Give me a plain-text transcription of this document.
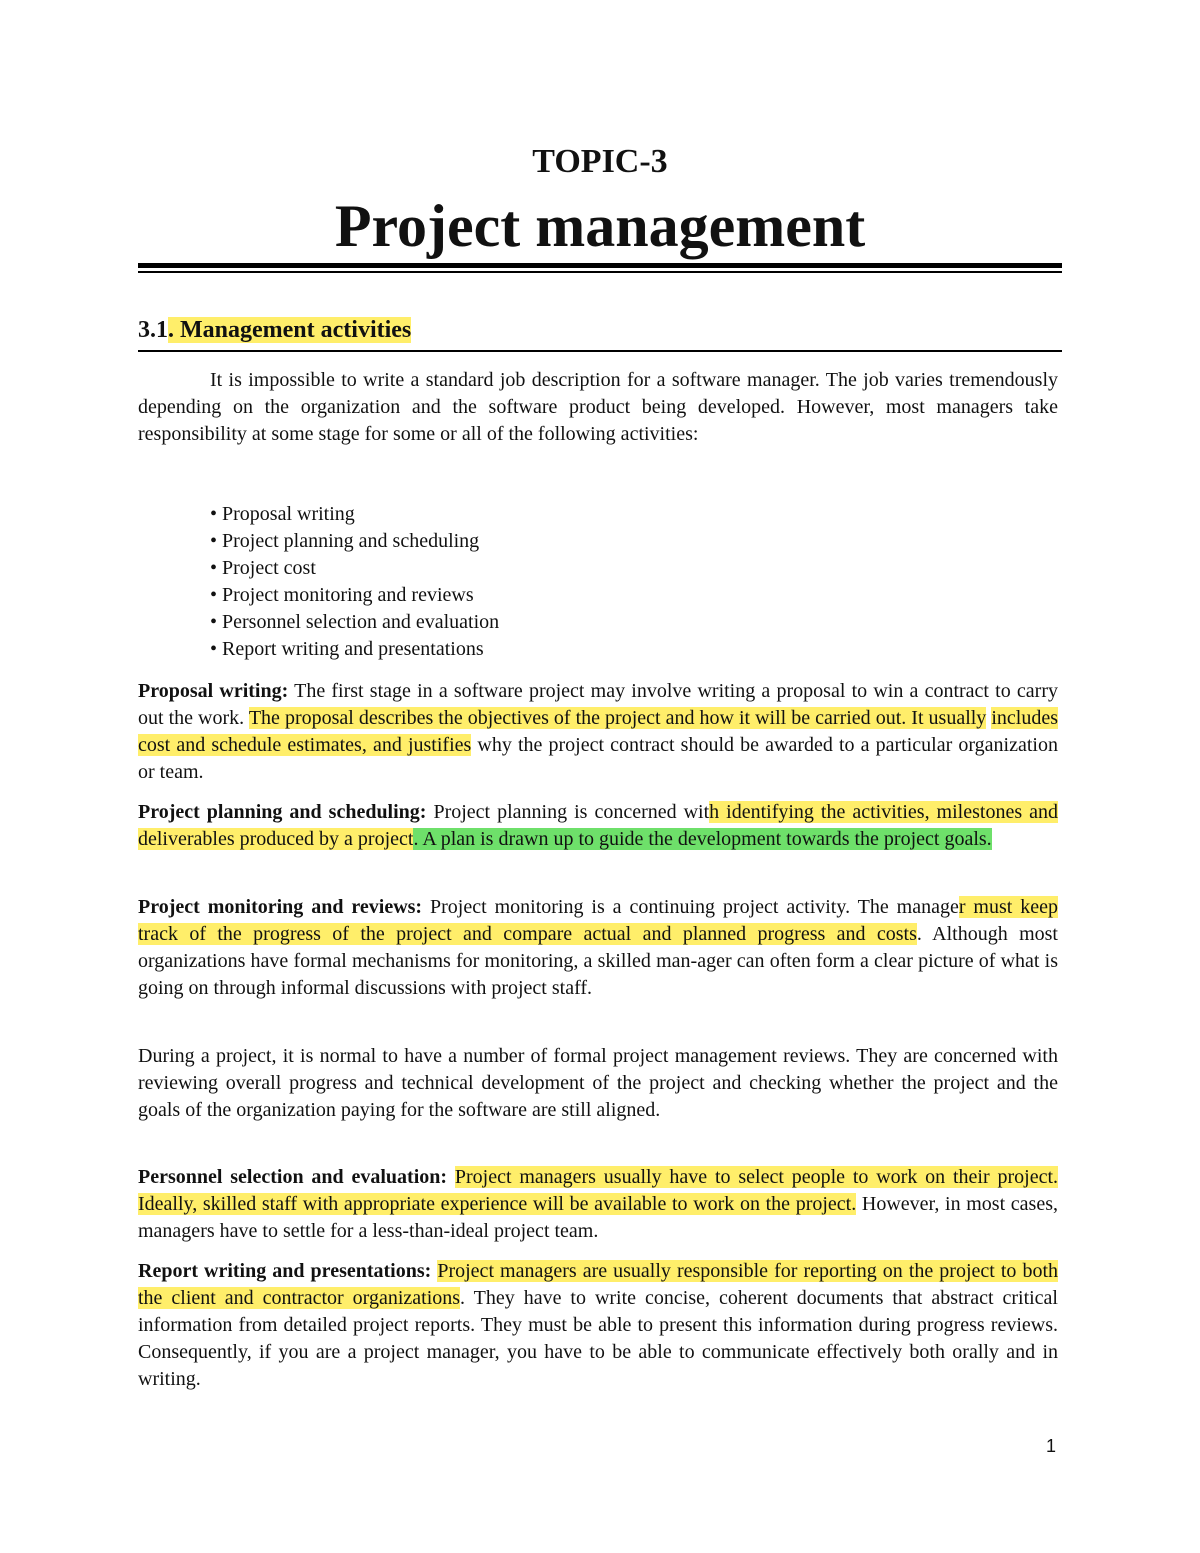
TOPIC-3
Project management
3.1. Management activities

It is impossible to write a standard job description for a software manager. The job varies tremendously depending on the organization and the software product being developed. However, most managers take responsibility at some stage for some or all of the following activities:

• Proposal writing
• Project planning and scheduling
• Project cost
• Project monitoring and reviews
• Personnel selection and evaluation
• Report writing and presentations

Proposal writing: The first stage in a software project may involve writing a proposal to win a contract to carry out the work. The proposal describes the objectives of the project and how it will be carried out. It usually includes cost and schedule estimates, and justifies why the project contract should be awarded to a particular organization or team.

Project planning and scheduling: Project planning is concerned with identifying the activities, milestones and deliverables produced by a project. A plan is drawn up to guide the development towards the project goals.

Project monitoring and reviews: Project monitoring is a continuing project activity. The manager must keep track of the progress of the project and compare actual and planned progress and costs. Although most organizations have formal mechanisms for monitoring, a skilled man-ager can often form a clear picture of what is going on through informal discussions with project staff.

During a project, it is normal to have a number of formal project management reviews. They are concerned with reviewing overall progress and technical development of the project and checking whether the project and the goals of the organization paying for the software are still aligned.

Personnel selection and evaluation: Project managers usually have to select people to work on their project. Ideally, skilled staff with appropriate experience will be available to work on the project. However, in most cases, managers have to settle for a less-than-ideal project team.

Report writing and presentations: Project managers are usually responsible for reporting on the project to both the client and contractor organizations. They have to write concise, coherent documents that abstract critical information from detailed project reports. They must be able to present this information during progress reviews. Consequently, if you are a project manager, you have to be able to communicate effectively both orally and in writing.

1
